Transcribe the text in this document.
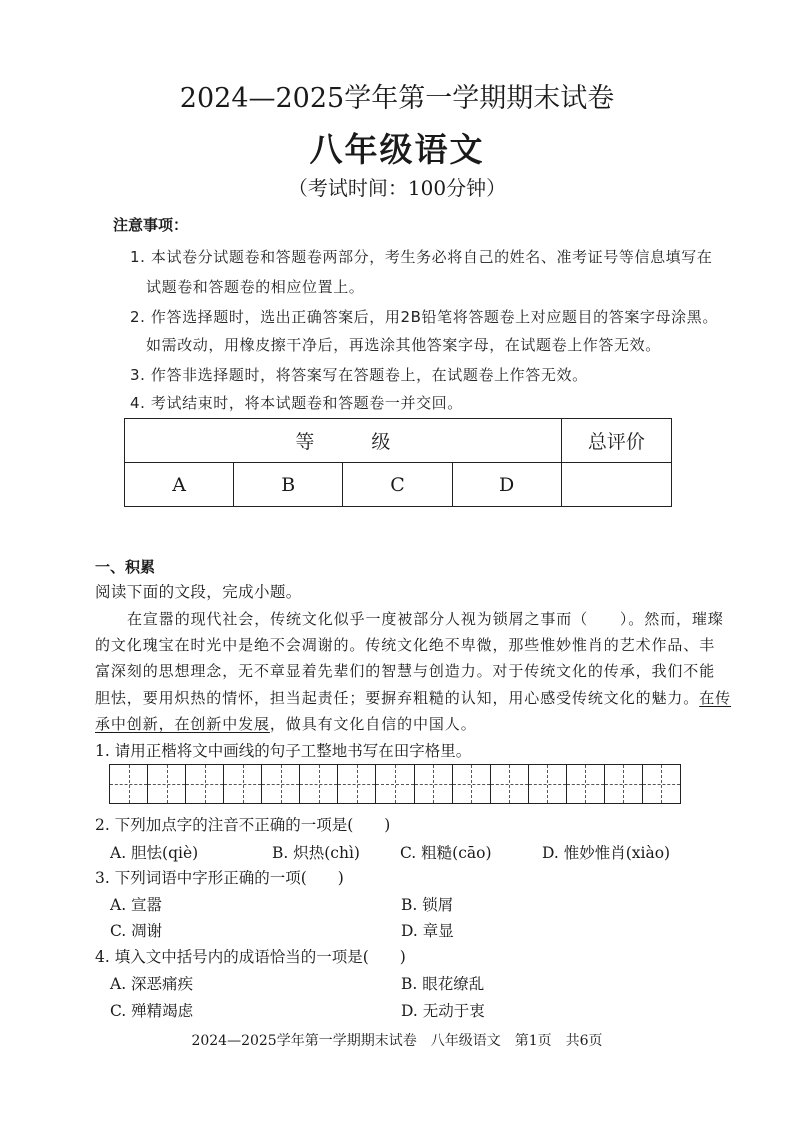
2024—2025学年第一学期期末试卷
八年级语文
（考试时间：100分钟）
注意事项：
1. 本试卷分试题卷和答题卷两部分，考生务必将自己的姓名、准考证号等信息填写在
试题卷和答题卷的相应位置上。
2. 作答选择题时，选出正确答案后，用2B铅笔将答题卷上对应题目的答案字母涂黑。
如需改动，用橡皮擦干净后，再选涂其他答案字母，在试题卷上作答无效。
3. 作答非选择题时，将答案写在答题卷上，在试题卷上作答无效。
4. 考试结束时，将本试题卷和答题卷一并交回。
等　　　级				总评价
A	B	C	D	
一、积累
阅读下面的文段，完成小题。
在宣嚣的现代社会，传统文化似乎一度被部分人视为锁屑之事而（　　）。然而，璀璨
的文化瑰宝在时光中是绝不会凋谢的。传统文化绝不卑微，那些惟妙惟肖的艺术作品、丰
富深刻的思想理念，无不章显着先辈们的智慧与创造力。对于传统文化的传承，我们不能
胆怯，要用炽热的情怀，担当起责任；要摒弃粗糙的认知，用心感受传统文化的魅力。在传
承中创新，在创新中发展，做具有文化自信的中国人。
1. 请用正楷将文中画线的句子工整地书写在田字格里。
2. 下列加点字的注音不正确的一项是(　　)
A. 胆怯(qiè)	B. 炽热(chì)	C. 粗糙(cāo)	D. 惟妙惟肖(xiào)
3. 下列词语中字形正确的一项(　　)
A. 宣嚣	B. 锁屑
C. 凋谢	D. 章显
4. 填入文中括号内的成语恰当的一项是(　　)
A. 深恶痛疾	B. 眼花缭乱
C. 殚精竭虑	D. 无动于衷
2024—2025学年第一学期期末试卷　八年级语文　第1页　共6页
